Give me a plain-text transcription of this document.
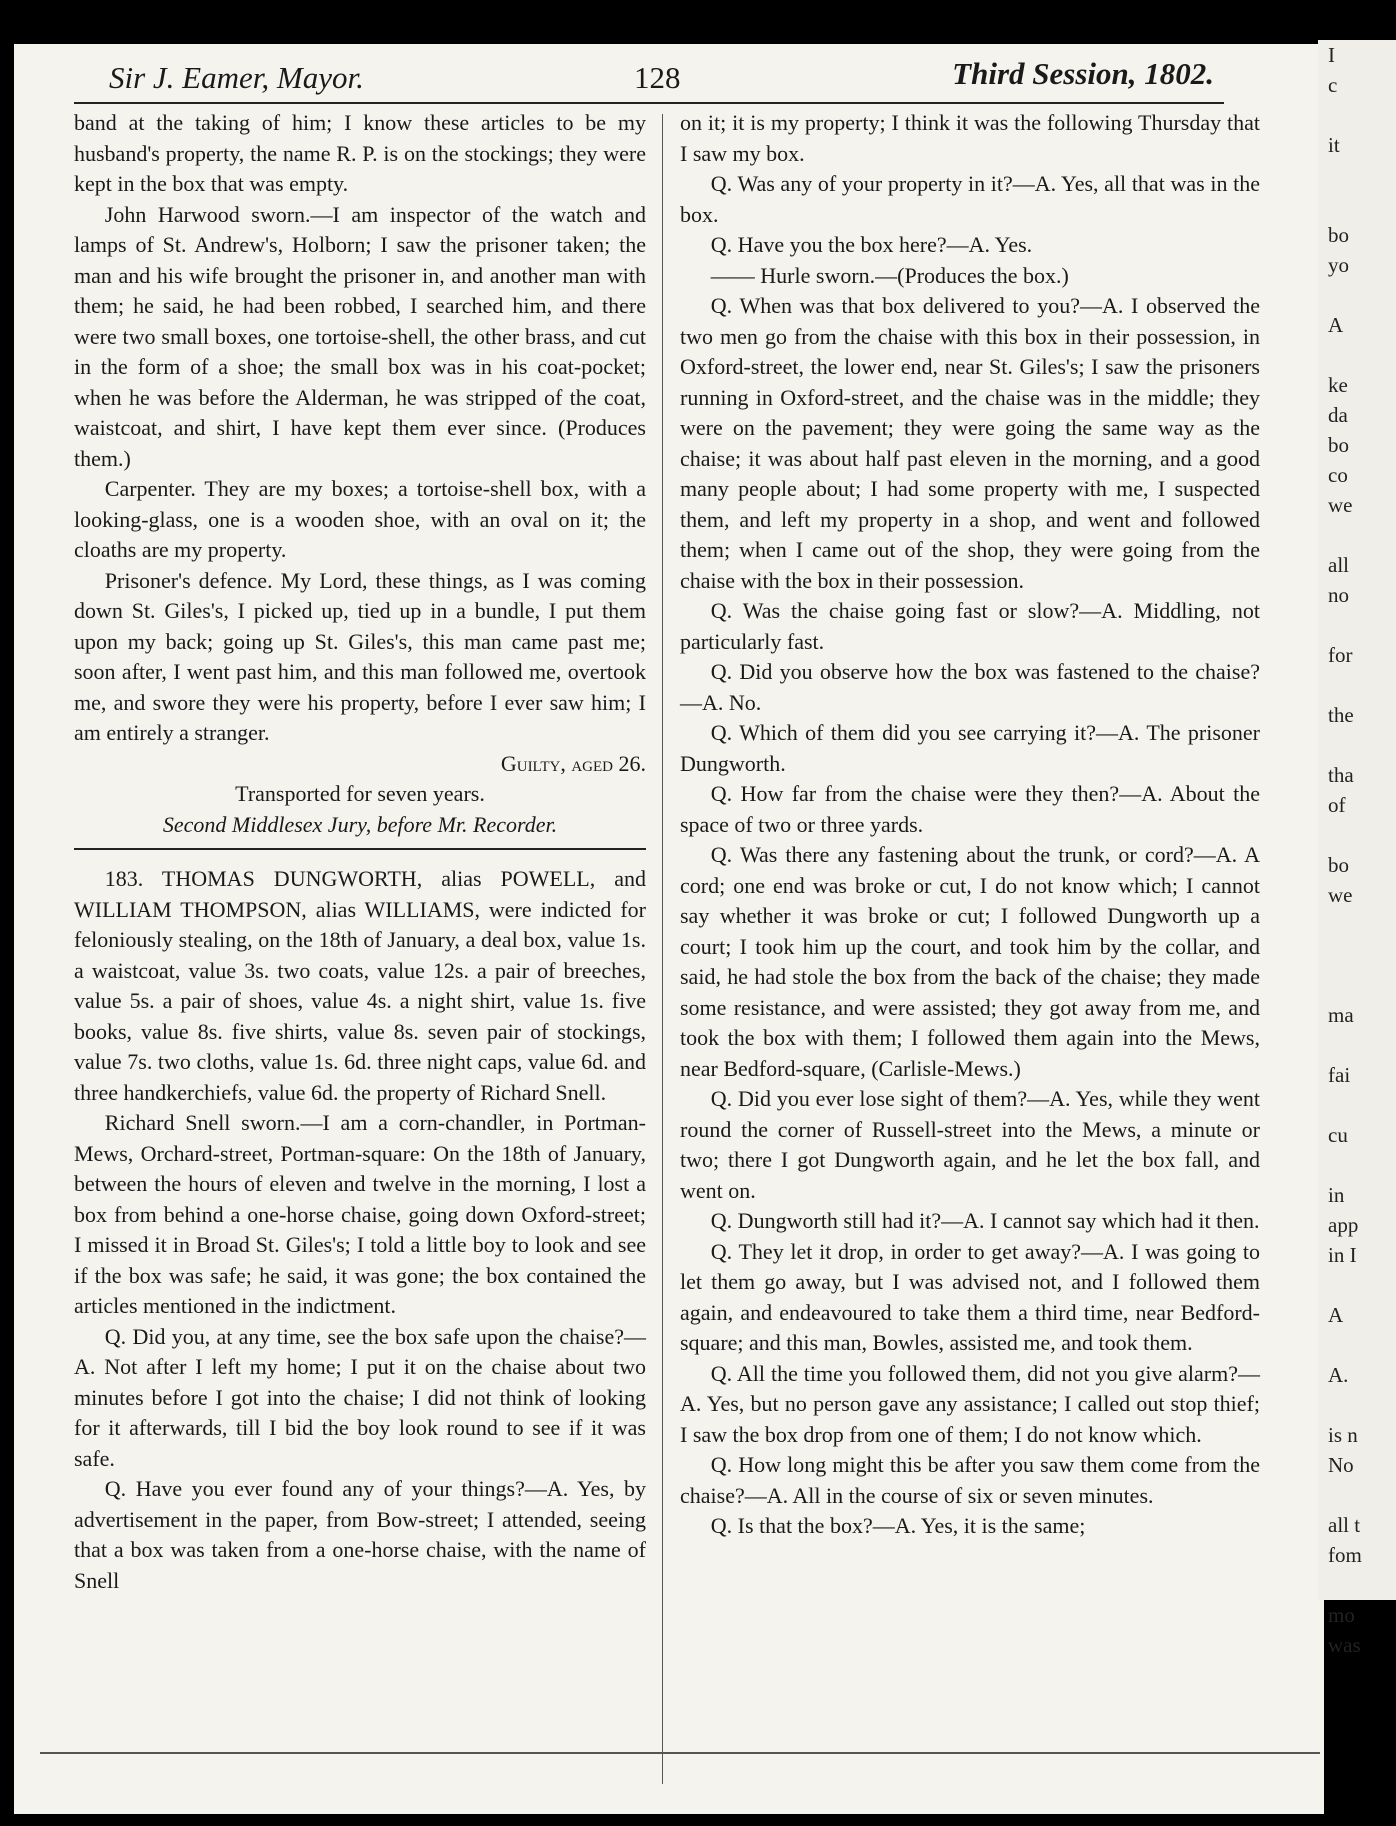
Sir J. Eamer, Mayor.	128	Third Session, 1802.

band at the taking of him; I know these articles to be my husband's property, the name R. P. is on the stockings; they were kept in the box that was empty.

John Harwood sworn.—I am inspector of the watch and lamps of St. Andrew's, Holborn; I saw the prisoner taken; the man and his wife brought the prisoner in, and another man with them; he said, he had been robbed, I searched him, and there were two small boxes, one tortoise-shell, the other brass, and cut in the form of a shoe; the small box was in his coat-pocket; when he was before the Alderman, he was stripped of the coat, waistcoat, and shirt, I have kept them ever since. (Produces them.)

Carpenter. They are my boxes; a tortoise-shell box, with a looking-glass, one is a wooden shoe, with an oval on it; the cloaths are my property.

Prisoner's defence. My Lord, these things, as I was coming down St. Giles's, I picked up, tied up in a bundle, I put them upon my back; going up St. Giles's, this man came past me; soon after, I went past him, and this man followed me, overtook me, and swore they were his property, before I ever saw him; I am entirely a stranger.

Guilty, aged 26.

Transported for seven years.

Second Middlesex Jury, before Mr. Recorder.

183. THOMAS DUNGWORTH, alias POWELL, and WILLIAM THOMPSON, alias WILLIAMS, were indicted for feloniously stealing, on the 18th of January, a deal box, value 1s. a waistcoat, value 3s. two coats, value 12s. a pair of breeches, value 5s. a pair of shoes, value 4s. a night shirt, value 1s. five books, value 8s. five shirts, value 8s. seven pair of stockings, value 7s. two cloths, value 1s. 6d. three night caps, value 6d. and three handkerchiefs, value 6d. the property of Richard Snell.

Richard Snell sworn.—I am a corn-chandler, in Portman-Mews, Orchard-street, Portman-square: On the 18th of January, between the hours of eleven and twelve in the morning, I lost a box from behind a one-horse chaise, going down Oxford-street; I missed it in Broad St. Giles's; I told a little boy to look and see if the box was safe; he said, it was gone; the box contained the articles mentioned in the indictment.

Q. Did you, at any time, see the box safe upon the chaise?—A. Not after I left my home; I put it on the chaise about two minutes before I got into the chaise; I did not think of looking for it afterwards, till I bid the boy look round to see if it was safe.

Q. Have you ever found any of your things?—A. Yes, by advertisement in the paper, from Bow-street; I attended, seeing that a box was taken from a one-horse chaise, with the name of Snell

on it; it is my property; I think it was the following Thursday that I saw my box.

Q. Was any of your property in it?—A. Yes, all that was in the box.

Q. Have you the box here?—A. Yes.

—— Hurle sworn.—(Produces the box.)

Q. When was that box delivered to you?—A. I observed the two men go from the chaise with this box in their possession, in Oxford-street, the lower end, near St. Giles's; I saw the prisoners running in Oxford-street, and the chaise was in the middle; they were on the pavement; they were going the same way as the chaise; it was about half past eleven in the morning, and a good many people about; I had some property with me, I suspected them, and left my property in a shop, and went and followed them; when I came out of the shop, they were going from the chaise with the box in their possession.

Q. Was the chaise going fast or slow?—A. Middling, not particularly fast.

Q. Did you observe how the box was fastened to the chaise?—A. No.

Q. Which of them did you see carrying it?—A. The prisoner Dungworth.

Q. How far from the chaise were they then?—A. About the space of two or three yards.

Q. Was there any fastening about the trunk, or cord?—A. A cord; one end was broke or cut, I do not know which; I cannot say whether it was broke or cut; I followed Dungworth up a court; I took him up the court, and took him by the collar, and said, he had stole the box from the back of the chaise; they made some resistance, and were assisted; they got away from me, and took the box with them; I followed them again into the Mews, near Bedford-square, (Carlisle-Mews.)

Q. Did you ever lose sight of them?—A. Yes, while they went round the corner of Russell-street into the Mews, a minute or two; there I got Dungworth again, and he let the box fall, and went on.

Q. Dungworth still had it?—A. I cannot say which had it then.

Q. They let it drop, in order to get away?—A. I was going to let them go away, but I was advised not, and I followed them again, and endeavoured to take them a third time, near Bedford-square; and this man, Bowles, assisted me, and took them.

Q. All the time you followed them, did not you give alarm?—A. Yes, but no person gave any assistance; I called out stop thief; I saw the box drop from one of them; I do not know which.

Q. How long might this be after you saw them come from the chaise?—A. All in the course of six or seven minutes.

Q. Is that the box?—A. Yes, it is the same;

I
c

it

bo
yo

A

ke
da
bo
co
we

all
no

for

the

tha
of

bo
we

ma

fai

cu

in
app
in I

A

A.

is n
No

all t
fom

mo
was
